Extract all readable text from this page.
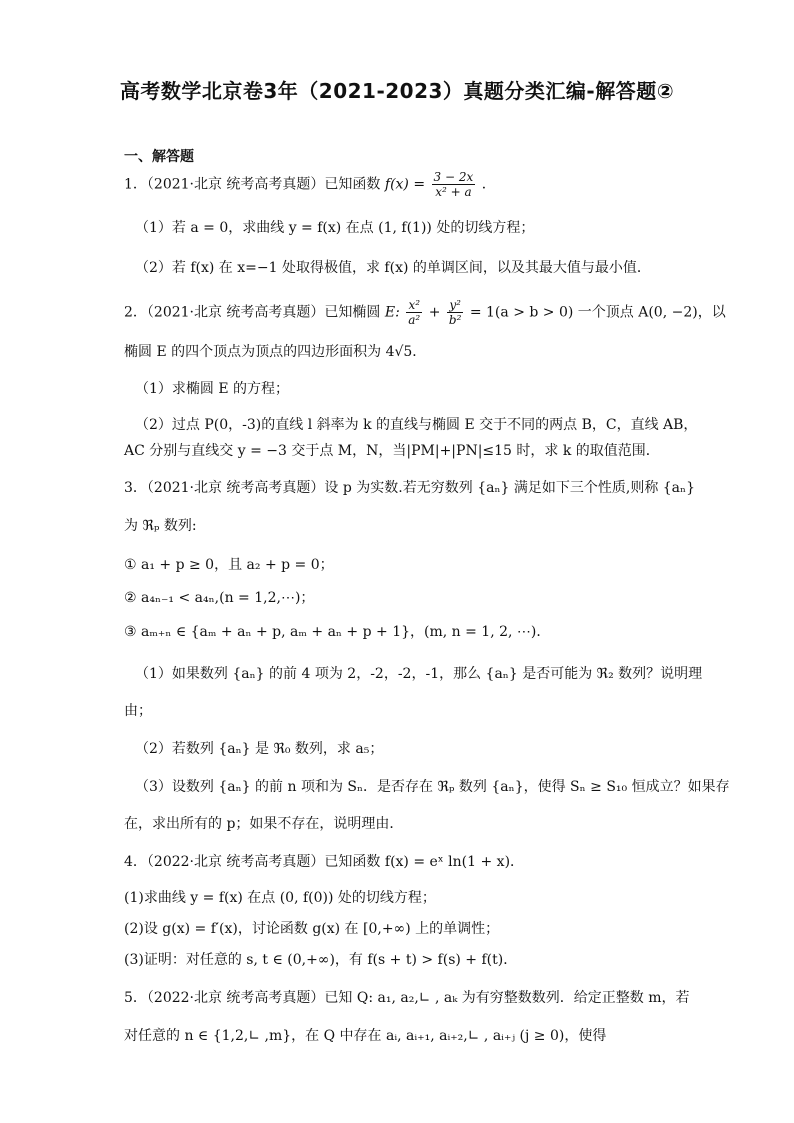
高考数学北京卷3年（2021-2023）真题分类汇编-解答题②
一、解答题
1．（2021·北京 统考高考真题）已知函数 $f(x) = \frac{3 - 2x}{\text{x² + a}}$ ．
（1）若 a = 0，求曲线 y = f(x) 在点 (1, f(1)) 处的切线方程；
（2）若 f(x) 在 x=−1 处取得极值，求 f(x) 的单调区间，以及其最大值与最小值．
2．（2021·北京 统考高考真题）已知椭圆 E: $\frac{\text{x²}}{\text{a²}} + \frac{\text{y²}}{\text{b²}} = 1(a > b > 0)$ 一个顶点 A(0, −2)，以
椭圆 E 的四个顶点为顶点的四边形面积为 4√5．
（1）求椭圆 E 的方程；
（2）过点 P(0，-3)的直线 l 斜率为 k 的直线与椭圆 E 交于不同的两点 B，C，直线 AB，
AC 分别与直线交 y = −3 交于点 M，N，当|PM|+|PN|≤15 时，求 k 的取值范围．
3．（2021·北京 统考高考真题）设 p 为实数.若无穷数列 {aₙ} 满足如下三个性质,则称 {aₙ}
为 ℜₚ 数列:
① a₁ + p ≥ 0，且 a₂ + p = 0；
② a₄ₙ₋₁ < a₄ₙ,(n = 1,2,⋯)；
③ aₘ₊ₙ ∈ {aₘ + aₙ + p, aₘ + aₙ + p + 1}，(m, n = 1, 2, ⋯)．
（1）如果数列 {aₙ} 的前 4 项为 2，-2，-2，-1，那么 {aₙ} 是否可能为 ℜ₂ 数列？说明理
由；
（2）若数列 {aₙ} 是 ℜ₀ 数列，求 a₅；
（3）设数列 {aₙ} 的前 n 项和为 Sₙ．是否存在 ℜₚ 数列 {aₙ}，使得 Sₙ ≥ S₁₀ 恒成立？如果存
在，求出所有的 p；如果不存在，说明理由．
4．（2022·北京 统考高考真题）已知函数 f(x) = eˣ ln(1 + x)．
(1)求曲线 y = f(x) 在点 (0, f(0)) 处的切线方程；
(2)设 g(x) = f′(x)，讨论函数 g(x) 在 [0,+∞) 上的单调性；
(3)证明：对任意的 s, t ∈ (0,+∞)，有 f(s + t) > f(s) + f(t)．
5．（2022·北京 统考高考真题）已知 Q: a₁, a₂,∟ , aₖ 为有穷整数数列．给定正整数 m，若
对任意的 n ∈ {1,2,∟ ,m}，在 Q 中存在 aᵢ, aᵢ₊₁, aᵢ₊₂,∟ , aᵢ₊ⱼ (j ≥ 0)，使得
